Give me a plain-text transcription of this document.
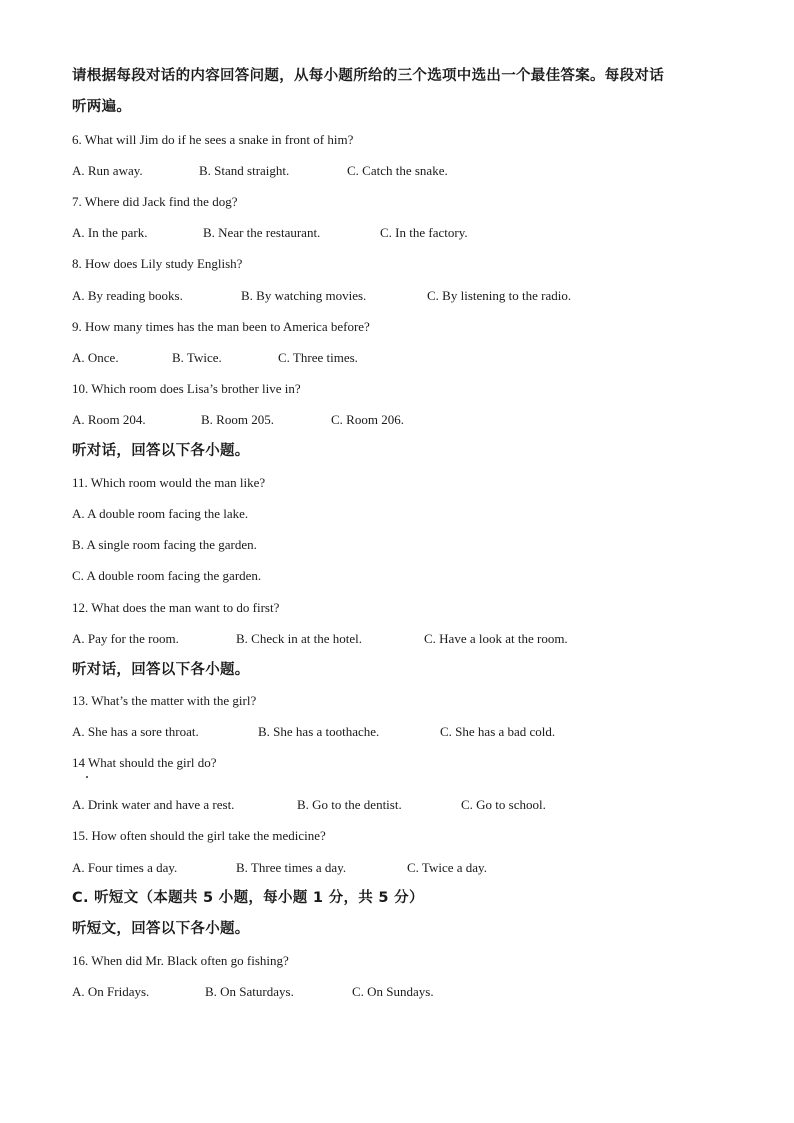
请根据每段对话的内容回答问题，从每小题所给的三个选项中选出一个最佳答案。每段对话
听两遍。
6. What will Jim do if he sees a snake in front of him?
A. Run away.	B. Stand straight.	C. Catch the snake.
7. Where did Jack find the dog?
A. In the park.	B. Near the restaurant.	C. In the factory.
8. How does Lily study English?
A. By reading books.	B. By watching movies.	C. By listening to the radio.
9. How many times has the man been to America before?
A. Once.	B. Twice.	C. Three times.
10. Which room does Lisa’s brother live in?
A. Room 204.	B. Room 205.	C. Room 206.
听对话，回答以下各小题。
11. Which room would the man like?
A. A double room facing the lake.
B. A single room facing the garden.
C. A double room facing the garden.
12. What does the man want to do first?
A. Pay for the room.	B. Check in at the hotel.	C. Have a look at the room.
听对话，回答以下各小题。
13. What’s the matter with the girl?
A. She has a sore throat.	B. She has a toothache.	C. She has a bad cold.
14 What should the girl do?
A. Drink water and have a rest.	B. Go to the dentist.	C. Go to school.
15. How often should the girl take the medicine?
A. Four times a day.	B. Three times a day.	C. Twice a day.
C. 听短文（本题共 5 小题，每小题 1 分，共 5 分）
听短文，回答以下各小题。
16. When did Mr. Black often go fishing?
A. On Fridays.	B. On Saturdays.	C. On Sundays.
